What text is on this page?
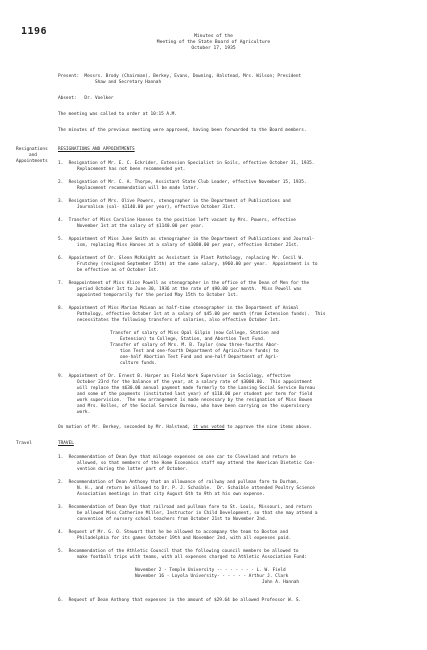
1196	Minutes of the
Meeting of the State Board of Agriculture
October 17, 1935
Present:  Messrs. Brody (Chairman), Berkey, Evans, Downing, Halstead, Mrs. Wilson; President
Shaw and Secretary Hannah
Absent:   Dr. Voelker
The meeting was called to order at 10:15 A.M.
The minutes of the previous meeting were approved, having been forwarded to the Board members.
Resignations
and
Appointments
RESIGNATIONS AND APPOINTMENTS
1.  Resignation of Mr. E. C. Eckrider, Extension Specialist in Soils, effective October 31, 1935.
Replacement has not been recommended yet.
2.  Resignation of Mr. C. A. Thorpe, Assistant State Club Leader, effective November 15, 1935.
Replacement recommendation will be made later.
3.  Resignation of Mrs. Olive Powers, stenographer in the Department of Publications and
Journalism (sal- $1140.00 per year), effective October 31st.
4.  Transfer of Miss Caroline Hanses to the position left vacant by Mrs. Powers, effective
November 1st at the salary of $1140.00 per year.
5.  Appointment of Miss June Smith as stenographer in the Department of Publications and Journal-
ism, replacing Miss Hanses at a salary of $1080.00 per year, effective October 21st.
6.  Appointment of Dr. Glenn McKnight as Assistant in Plant Pathology, replacing Mr. Cecil W.
Frutchey (resigned September 15th) at the same salary, $960.00 per year.  Appointment is to
be effective as of October 1st.
7.  Reappointment of Miss Alice Powell as stenographer in the office of the Dean of Men for the
period October 1st to June 30, 1936 at the rate of $90.00 per month.  Miss Powell was
appointed temporarily for the period May 15th to October 1st.
8.  Appointment of Miss Marian McLean as half-time stenographer in the Department of Animal
Pathology, effective October 1st at a salary of $45.00 per month (from Extension funds).  This
necessitates the following transfers of salaries, also effective October 1st.
Transfer of salary of Miss Opal Gilpin (now College, Station and
Extension) to College, Station, and Abortion Test Fund.
Transfer of salary of Mrs. M. B. Taylor (now three-fourths Abor-
tion Test and one-fourth Department of Agriculture funds) to
one-half Abortion Test Fund and one-half Department of Agri-
culture funds.
9.  Appointment of Dr. Ernest B. Harper as Field Work Supervisor in Sociology, effective
October 23rd for the balance of the year, at a salary rate of $3000.00.  This appointment
will replace the $630.00 annual payment made formerly to the Lansing Social Service Bureau
and some of the payments (instituted last year) of $110.00 per student per term for field
work supervision.  The new arrangement is made necessary by the resignation of Miss Bowen
and Mrs. Holles, of the Social Service Bureau, who have been carrying on the supervisory
work.
On motion of Mr. Berkey, seconded by Mr. Halstead, it was voted to approve the nine items above.
Travel	TRAVEL
1.  Recommendation of Dean Dye that mileage expenses on one car to Cleveland and return be
allowed, so that members of the Home Economics staff may attend the American Dietetic Con-
vention during the latter part of October.
2.  Recommendation of Dean Anthony that an allowance of railway and pullman fare to Durham,
N. H., and return be allowed to Dr. P. J. Schaible.  Dr. Schaible attended Poultry Science
Association meetings in that city August 6th to 9th at his own expense.
3.  Recommendation of Dean Dye that railroad and pullman fare to St. Louis, Missouri, and return
be allowed Miss Catherine Miller, Instructor in Child Development, so that she may attend a
convention of nursery school teachers from October 21st to November 2nd.
4.  Request of Mr. G. O. Stewart that he be allowed to accompany the team to Boston and
Philadelphia for its games October 19th and November 2nd, with all expenses paid.
5.  Recommendation of the Athletic Council that the following council members be allowed to
make football trips with teams, with all expenses charged to Athletic Association Fund:
November 2 - Temple University -- - - - - - - L. W. Field
November 16 - Loyola University- - - - - - Arthur J. Clark
John A. Hannah
6.  Request of Dean Anthony that expenses in the amount of $29.64 be allowed Professor W. S.
